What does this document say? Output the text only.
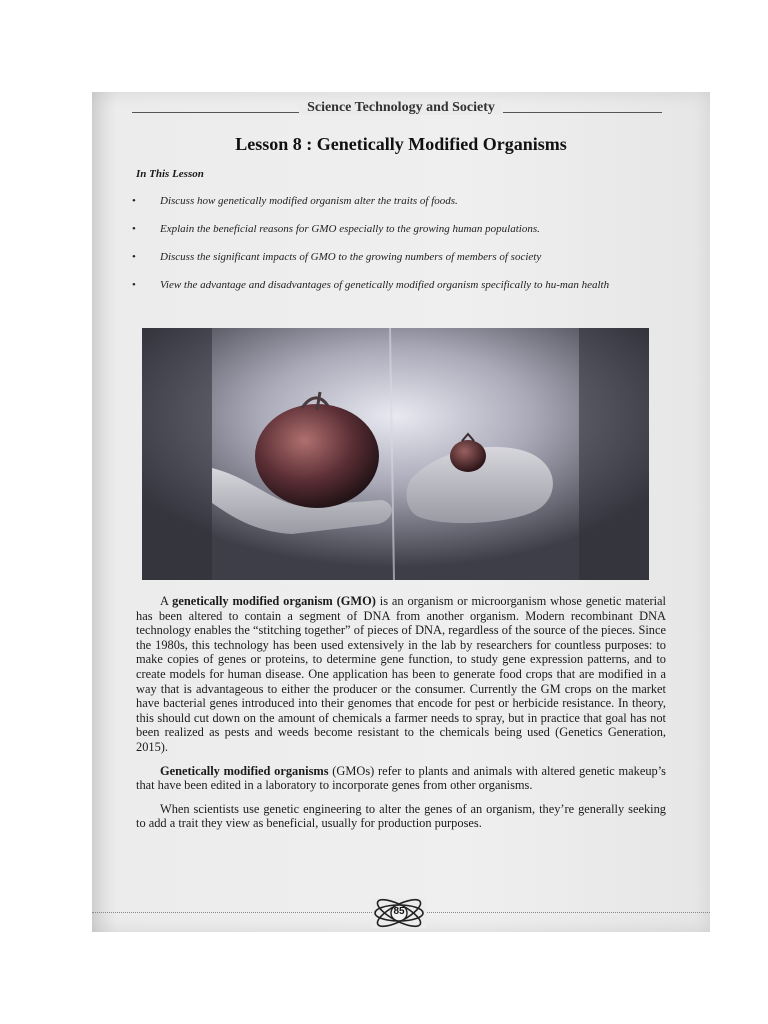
Science Technology and Society
Lesson 8 : Genetically Modified Organisms
In This Lesson
• Discuss how genetically modified organism alter the traits of foods.
• Explain the beneficial reasons for GMO especially to the growing human populations.
• Discuss the significant impacts of GMO to the growing numbers of members of society
• View the advantage and disadvantages of genetically modified organism specifically to hu-man health

A genetically modified organism (GMO) is an organism or microorganism whose genetic material has been altered to contain a segment of DNA from another organism. Modern recombinant DNA technology enables the “stitching together” of pieces of DNA, regardless of the source of the pieces. Since the 1980s, this technology has been used extensively in the lab by researchers for countless purposes: to make copies of genes or proteins, to determine gene function, to study gene expression patterns, and to create models for human disease. One application has been to generate food crops that are modified in a way that is advantageous to either the producer or the consumer. Currently the GM crops on the market have bacterial genes introduced into their genomes that encode for pest or herbicide resistance. In theory, this should cut down on the amount of chemicals a farmer needs to spray, but in practice that goal has not been realized as pests and weeds become resistant to the chemicals being used (Genetics Generation, 2015).

Genetically modified organisms (GMOs) refer to plants and animals with altered genetic makeup’s that have been edited in a laboratory to incorporate genes from other organisms.

When scientists use genetic engineering to alter the genes of an organism, they’re generally seeking to add a trait they view as beneficial, usually for production purposes.

85
